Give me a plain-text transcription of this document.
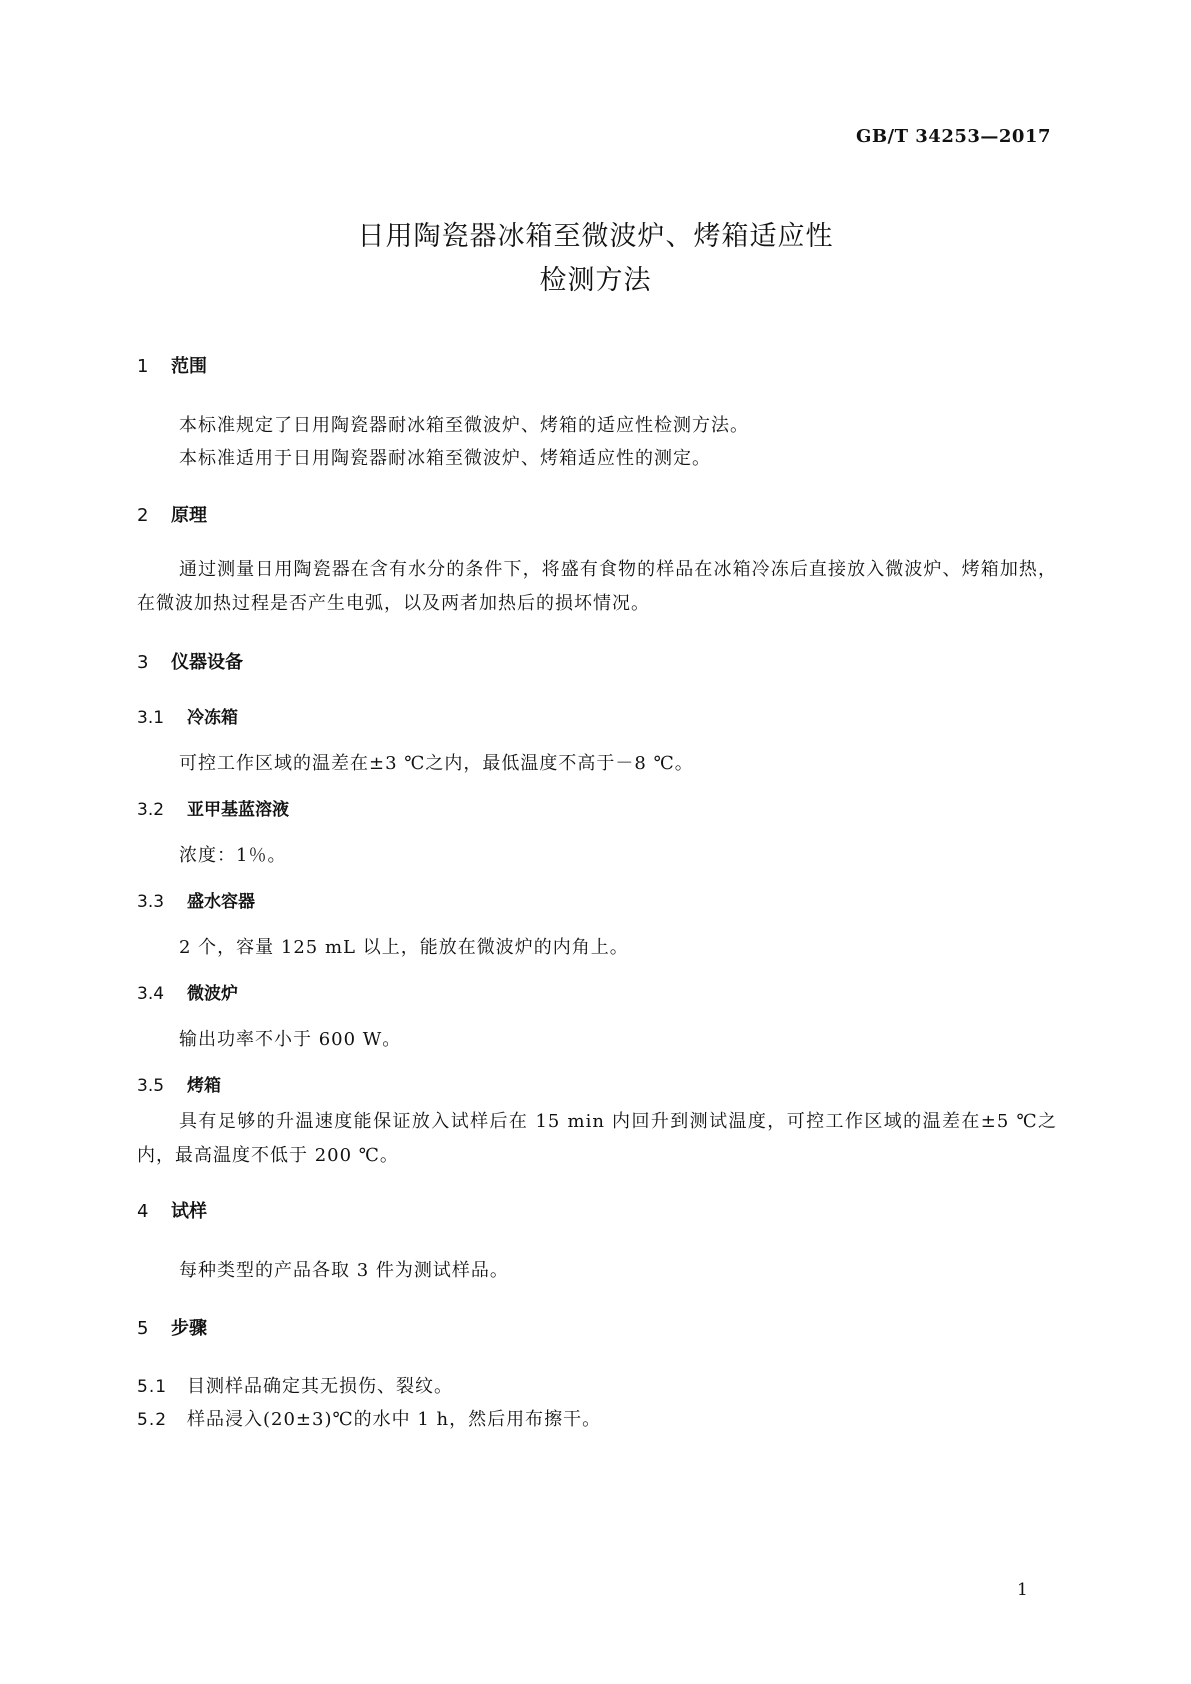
GB/T 34253—2017
日用陶瓷器冰箱至微波炉、烤箱适应性
检测方法
1 范围
本标准规定了日用陶瓷器耐冰箱至微波炉、烤箱的适应性检测方法。
本标准适用于日用陶瓷器耐冰箱至微波炉、烤箱适应性的测定。
2 原理
通过测量日用陶瓷器在含有水分的条件下，将盛有食物的样品在冰箱冷冻后直接放入微波炉、烤箱加热，在微波加热过程是否产生电弧，以及两者加热后的损坏情况。
3 仪器设备
3.1 冷冻箱
可控工作区域的温差在±3 ℃之内，最低温度不高于－8 ℃。
3.2 亚甲基蓝溶液
浓度：1％。
3.3 盛水容器
2 个，容量 125 mL 以上，能放在微波炉的内角上。
3.4 微波炉
输出功率不小于 600 W。
3.5 烤箱
具有足够的升温速度能保证放入试样后在 15 min 内回升到测试温度，可控工作区域的温差在±5 ℃之内，最高温度不低于 200 ℃。
4 试样
每种类型的产品各取 3 件为测试样品。
5 步骤
5.1 目测样品确定其无损伤、裂纹。
5.2 样品浸入(20±3)℃的水中 1 h，然后用布擦干。
1
